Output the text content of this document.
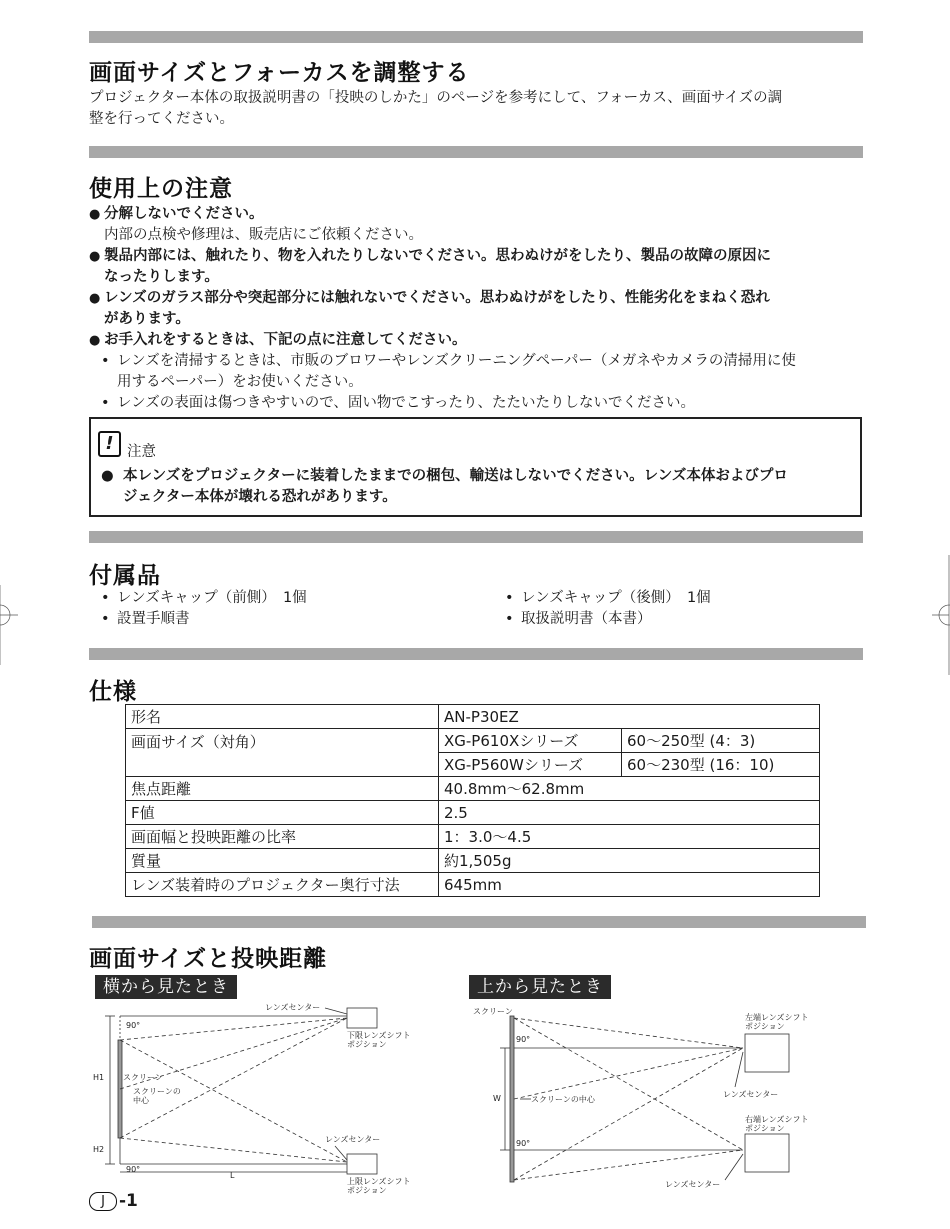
画面サイズとフォーカスを調整する
プロジェクター本体の取扱説明書の「投映のしかた」のページを参考にして、フォーカス、画面サイズの調
整を行ってください。
使用上の注意
● 分解しないでください。
内部の点検や修理は、販売店にご依頼ください。
● 製品内部には、触れたり、物を入れたりしないでください。思わぬけがをしたり、製品の故障の原因に
なったりします。
● レンズのガラス部分や突起部分には触れないでください。思わぬけがをしたり、性能劣化をまねく恐れ
があります。
● お手入れをするときは、下記の点に注意してください。
• レンズを清掃するときは、市販のブロワーやレンズクリーニングペーパー（メガネやカメラの清掃用に使
用するペーパー）をお使いください。
• レンズの表面は傷つきやすいので、固い物でこすったり、たたいたりしないでください。
! 注意
● 本レンズをプロジェクターに装着したままでの梱包、輸送はしないでください。レンズ本体およびプロ
ジェクター本体が壊れる恐れがあります。
付属品
• レンズキャップ（前側）　1個
• 設置手順書
• レンズキャップ（後側）　1個
• 取扱説明書（本書）
仕様
形名	AN-P30EZ	
画面サイズ（対角）	XG-P610Xシリーズ	60〜250型 (4：3)
	XG-P560Wシリーズ	60〜230型 (16：10)
焦点距離	40.8mm〜62.8mm	
F値	2.5	
画面幅と投映距離の比率	1：3.0〜4.5	
質量	約1,505g	
レンズ装着時のプロジェクター奥行寸法	645mm	
画面サイズと投映距離
横から見たとき	上から見たとき
レンズセンター
下限レンズシフト
ポジション
90°
H1 スクリーン
スクリーンの
中心
レンズセンター
H2
90°
L
上限レンズシフト
ポジション
スクリーン
左端レンズシフト
ポジション
90°
レンズセンター
W	スクリーンの中心
右端レンズシフト
ポジション
90°
レンズセンター
J -1
